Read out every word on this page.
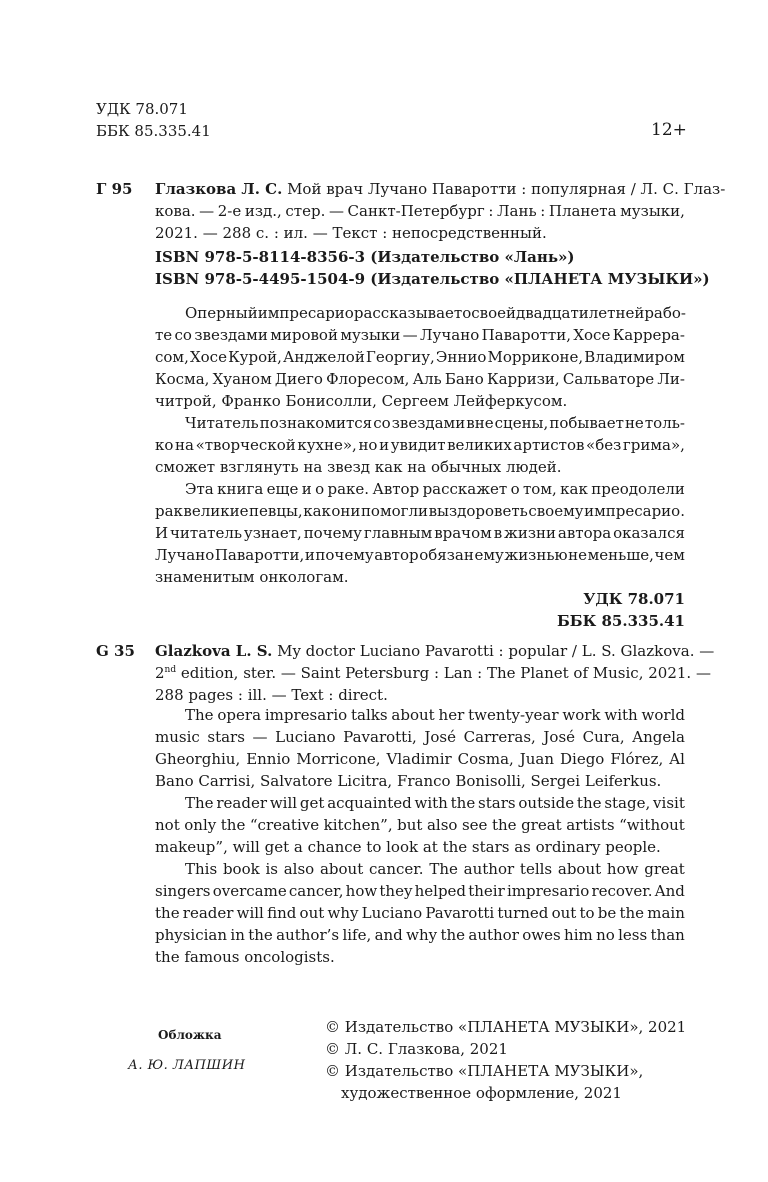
УДК 78.071
ББК 85.335.41	12+
Г 95 Глазкова Л. С. Мой врач Лучано Паваротти : популярная / Л. С. Глаз-
кова. — 2-е изд., стер. — Санкт-Петербург : Лань : Планета музыки,
2021. — 288 с. : ил. — Текст : непосредственный.
ISBN 978-5-8114-8356-3 (Издательство «Лань»)
ISBN 978-5-4495-1504-9 (Издательство «ПЛАНЕТА МУЗЫКИ»)
Оперный импресарио рассказывает о своей двадцатилетней рабо-
те со звездами мировой музыки — Лучано Паваротти, Хосе Карреpа-
сом, Хосе Курой, Анджелой Георгиу, Эннио Морриконе, Владимиром
Косма, Хуаном Диего Флоресом, Аль Бано Карризи, Сальваторе Ли-
читрой, Франко Бонисолли, Сергеем Лейферкусом.
Читатель познакомится со звездами вне сцены, побывает не толь-
ко на «творческой кухне», но и увидит великих артистов «без грима»,
сможет взглянуть на звезд как на обычных людей.
Эта книга еще и о раке. Автор расскажет о том, как преодолели
рак великие певцы, как они помогли выздороветь своему импресарио.
И читатель узнает, почему главным врачом в жизни автора оказался
Лучано Паваротти, и почему автор обязан ему жизнью не меньше, чем
знаменитым онкологам.
УДК 78.071
ББК 85.335.41
G 35 Glazkova L. S. My doctor Luciano Pavarotti : popular / L. S. Glazkova. —
2nd edition, ster. — Saint Petersburg : Lan : The Planet of Music, 2021. —
288 pages : ill. — Text : direct.
The opera impresario talks about her twenty-year work with world
music stars — Luciano Pavarotti, José Carreras, José Cura, Angela
Gheorghiu, Ennio Morricone, Vladimir Cosma, Juan Diego Flórez, Al
Bano Carrisi, Salvatore Licitra, Franco Bonisolli, Sergei Leiferkus.
The reader will get acquainted with the stars outside the stage, visit
not only the “creative kitchen”, but also see the great artists “without
makeup”, will get a chance to look at the stars as ordinary people.
This book is also about cancer. The author tells about how great
singers overcame cancer, how they helped their impresario recover. And
the reader will find out why Luciano Pavarotti turned out to be the main
physician in the author’s life, and why the author owes him no less than
the famous oncologists.
Обложка
А. Ю. ЛАПШИН
© Издательство «ПЛАНЕТА МУЗЫКИ», 2021
© Л. С. Глазкова, 2021
© Издательство «ПЛАНЕТА МУЗЫКИ»,
художественное оформление, 2021
